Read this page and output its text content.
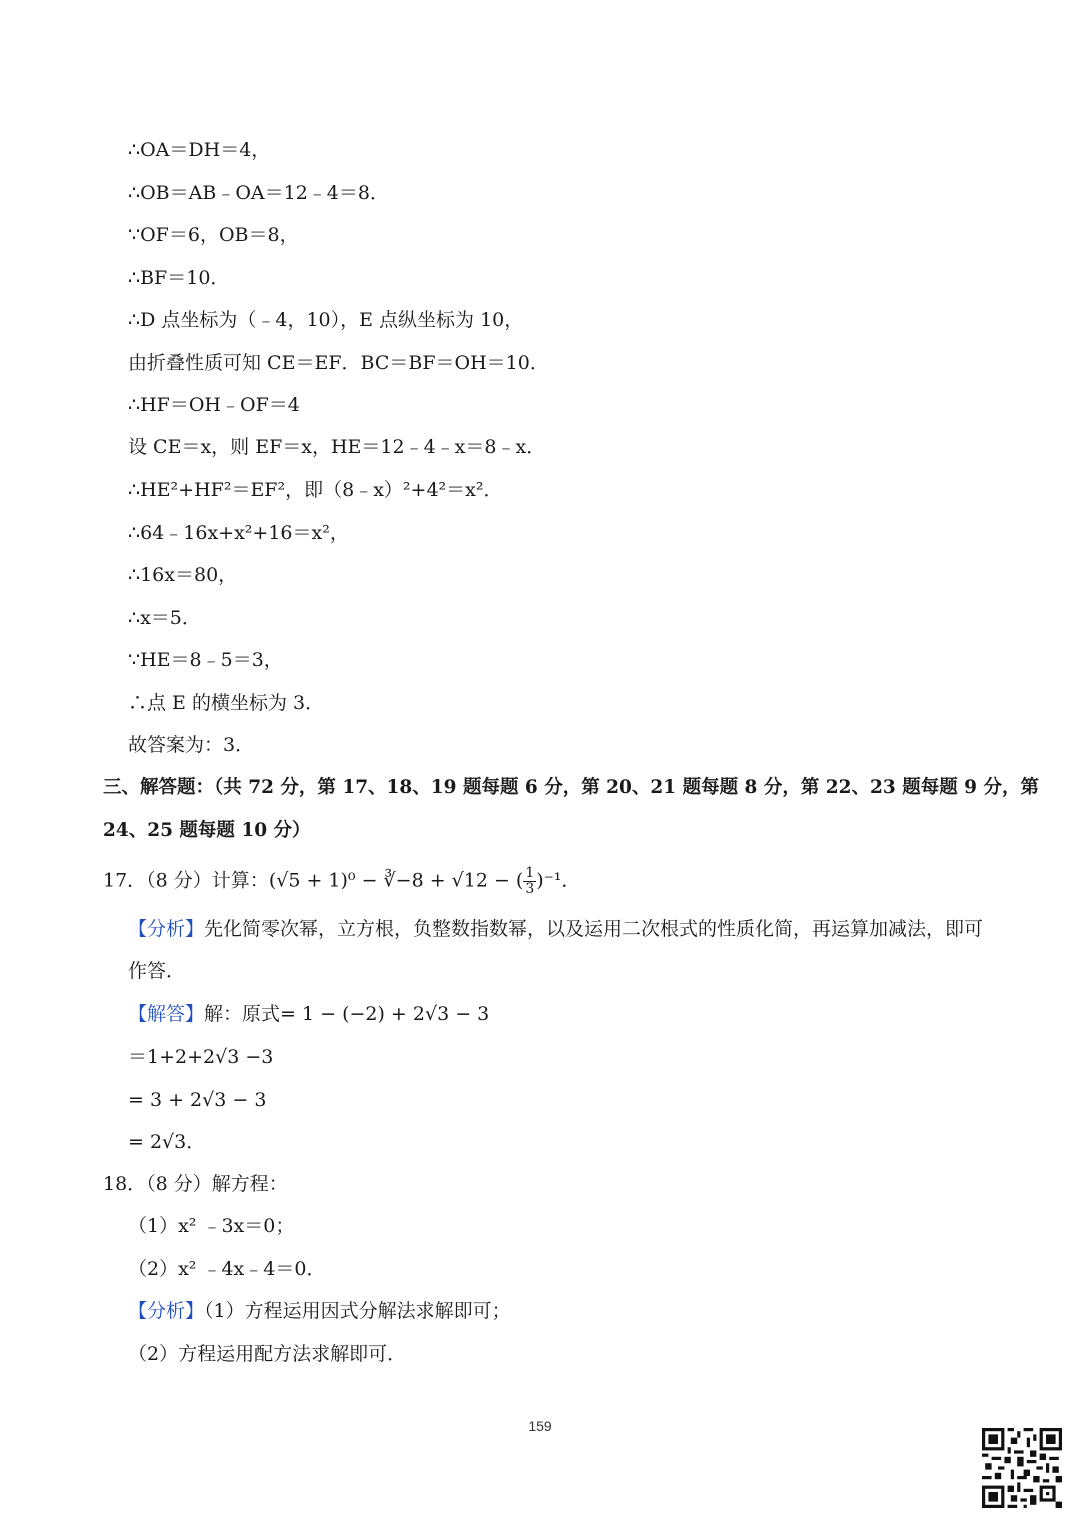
∴OA＝DH＝4，
∴OB＝AB﹣OA＝12﹣4＝8．
∵OF＝6，OB＝8，
∴BF＝10．
∴D 点坐标为（﹣4，10），E 点纵坐标为 10，
由折叠性质可知 CE＝EF．BC＝BF＝OH＝10．
∴HF＝OH﹣OF＝4
设 CE＝x，则 EF＝x，HE＝12﹣4﹣x＝8﹣x．
∴HE²+HF²＝EF²，即（8﹣x）²+4²＝x²．
∴64﹣16x+x²+16＝x²，
∴16x＝80，
∴x＝5．
∵HE＝8﹣5＝3，
∴点 E 的横坐标为 3．
故答案为：3．
三、解答题：（共 72 分，第 17、18、19 题每题 6 分，第 20、21 题每题 8 分，第 22、23 题每题 9 分，第
24、25 题每题 10 分）
17．（8 分）计算：(√5 + 1)⁰ − ∛−8 + √12 − ( $\frac{1}{3} )^{-1}$．
【分析】先化简零次幂，立方根，负整数指数幂，以及运用二次根式的性质化简，再运算加减法，即可
作答．
【解答】解：原式= 1 − (−2) + 2√3 − 3
＝1+2+2√3 −3
= 3 + 2√3 − 3
= 2√3．
18．（8 分）解方程：
（1）x² ﹣3x＝0；
（2）x² ﹣4x﹣4＝0．
【分析】（1）方程运用因式分解法求解即可；
（2）方程运用配方法求解即可．
159
